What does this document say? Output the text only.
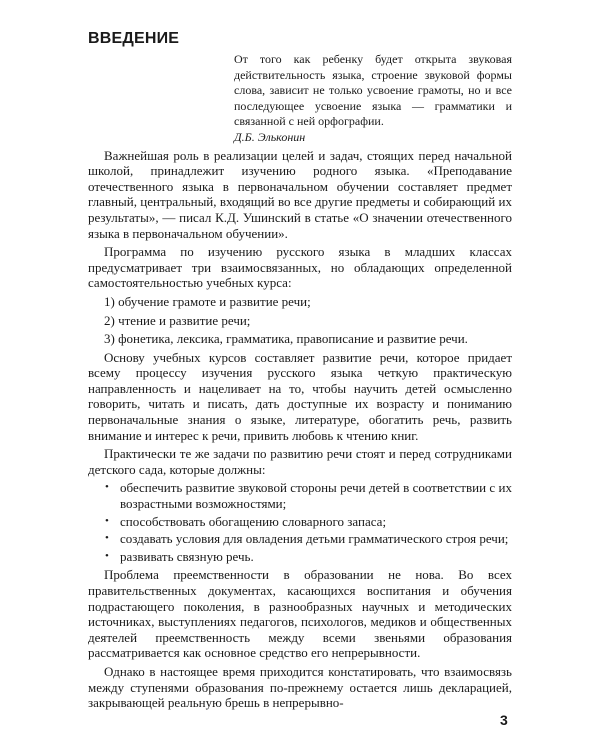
ВВЕДЕНИЕ

От того как ребенку будет открыта звуковая действительность языка, строение звуковой формы слова, зависит не только усвоение грамоты, но и все последующее усвоение языка — грамматики и связанной с ней орфографии.

Д.Б. Эльконин

Важнейшая роль в реализации целей и задач, стоящих перед начальной школой, принадлежит изучению родного языка. «Преподавание отечественного языка в первоначальном обучении составляет предмет главный, центральный, входящий во все другие предметы и собирающий их результаты», — писал К.Д. Ушинский в статье «О значении отечественного языка в первоначальном обучении».

Программа по изучению русского языка в младших классах предусматривает три взаимосвязанных, но обладающих определенной самостоятельностью учебных курса:

1) обучение грамоте и развитие речи;

2) чтение и развитие речи;

3) фонетика, лексика, грамматика, правописание и развитие речи.

Основу учебных курсов составляет развитие речи, которое придает всему процессу изучения русского языка четкую практическую направленность и нацеливает на то, чтобы научить детей осмысленно говорить, читать и писать, дать доступные их возрасту и пониманию первоначальные знания о языке, литературе, обогатить речь, развить внимание и интерес к речи, привить любовь к чтению книг.

Практически те же задачи по развитию речи стоят и перед сотрудниками детского сада, которые должны:

• обеспечить развитие звуковой стороны речи детей в соответствии с их возрастными возможностями;
• способствовать обогащению словарного запаса;
• создавать условия для овладения детьми грамматического строя речи;
• развивать связную речь.

Проблема преемственности в образовании не нова. Во всех правительственных документах, касающихся воспитания и обучения подрастающего поколения, в разнообразных научных и методических источниках, выступлениях педагогов, психологов, медиков и общественных деятелей преемственность между всеми звеньями образования рассматривается как основное средство его непрерывности.

Однако в настоящее время приходится констатировать, что взаимосвязь между ступенями образования по-прежнему остается лишь декларацией, закрывающей реальную брешь в непрерывно-

3
